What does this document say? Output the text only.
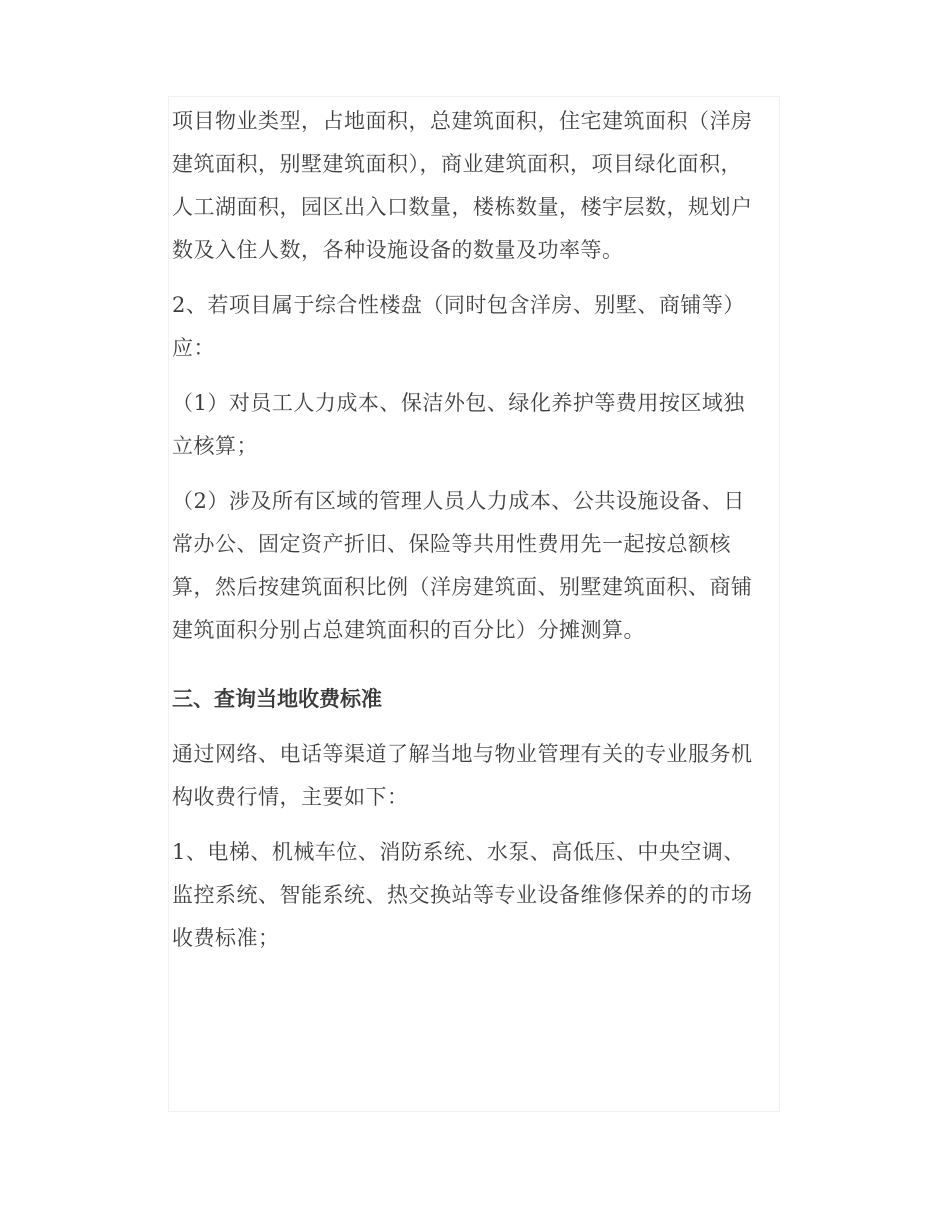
项目物业类型，占地面积，总建筑面积，住宅建筑面积（洋房建筑面积，别墅建筑面积），商业建筑面积，项目绿化面积，人工湖面积，园区出入口数量，楼栋数量，楼宇层数，规划户数及入住人数，各种设施设备的数量及功率等。

2、若项目属于综合性楼盘（同时包含洋房、别墅、商铺等）应：

（1）对员工人力成本、保洁外包、绿化养护等费用按区域独立核算；

（2）涉及所有区域的管理人员人力成本、公共设施设备、日常办公、固定资产折旧、保险等共用性费用先一起按总额核算，然后按建筑面积比例（洋房建筑面、别墅建筑面积、商铺建筑面积分别占总建筑面积的百分比）分摊测算。

三、查询当地收费标准

通过网络、电话等渠道了解当地与物业管理有关的专业服务机构收费行情，主要如下：

1、电梯、机械车位、消防系统、水泵、高低压、中央空调、监控系统、智能系统、热交换站等专业设备维修保养的的市场收费标准；
